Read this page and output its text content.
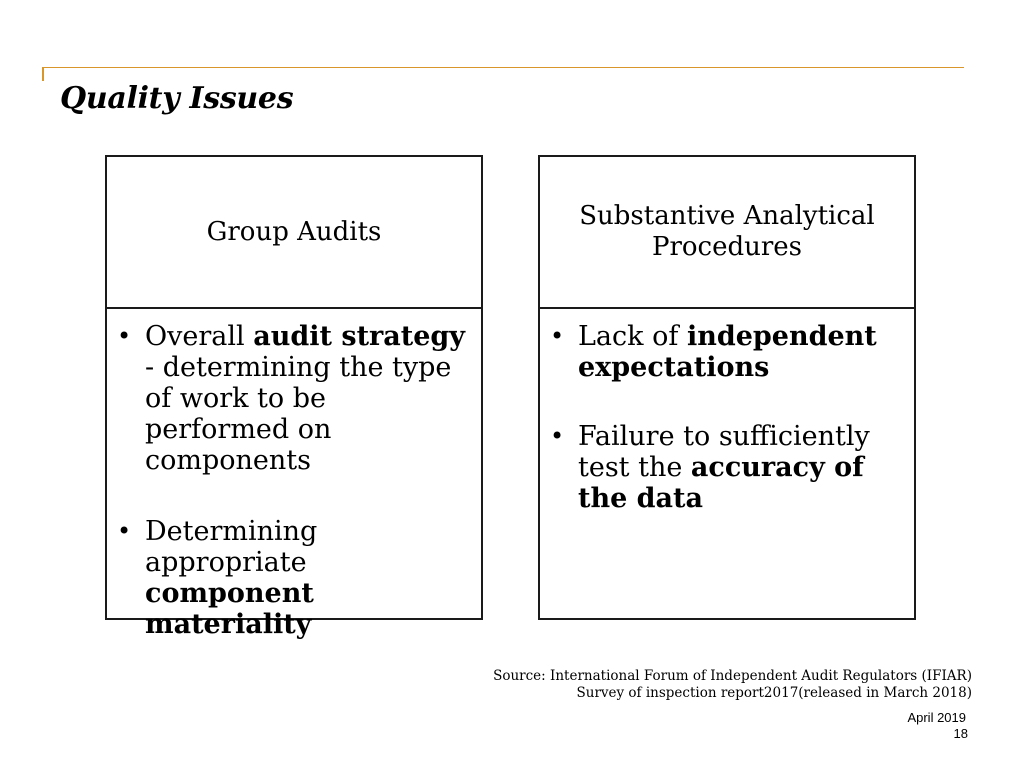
Quality Issues
Group Audits
• Overall audit strategy - determining the type of work to be performed on components
• Determining appropriate component materiality
Substantive Analytical Procedures
• Lack of independent expectations
• Failure to sufficiently test the accuracy of the data
Source: International Forum of Independent Audit Regulators (IFIAR)
Survey of inspection report2017(released in March 2018)
April 2019
18
